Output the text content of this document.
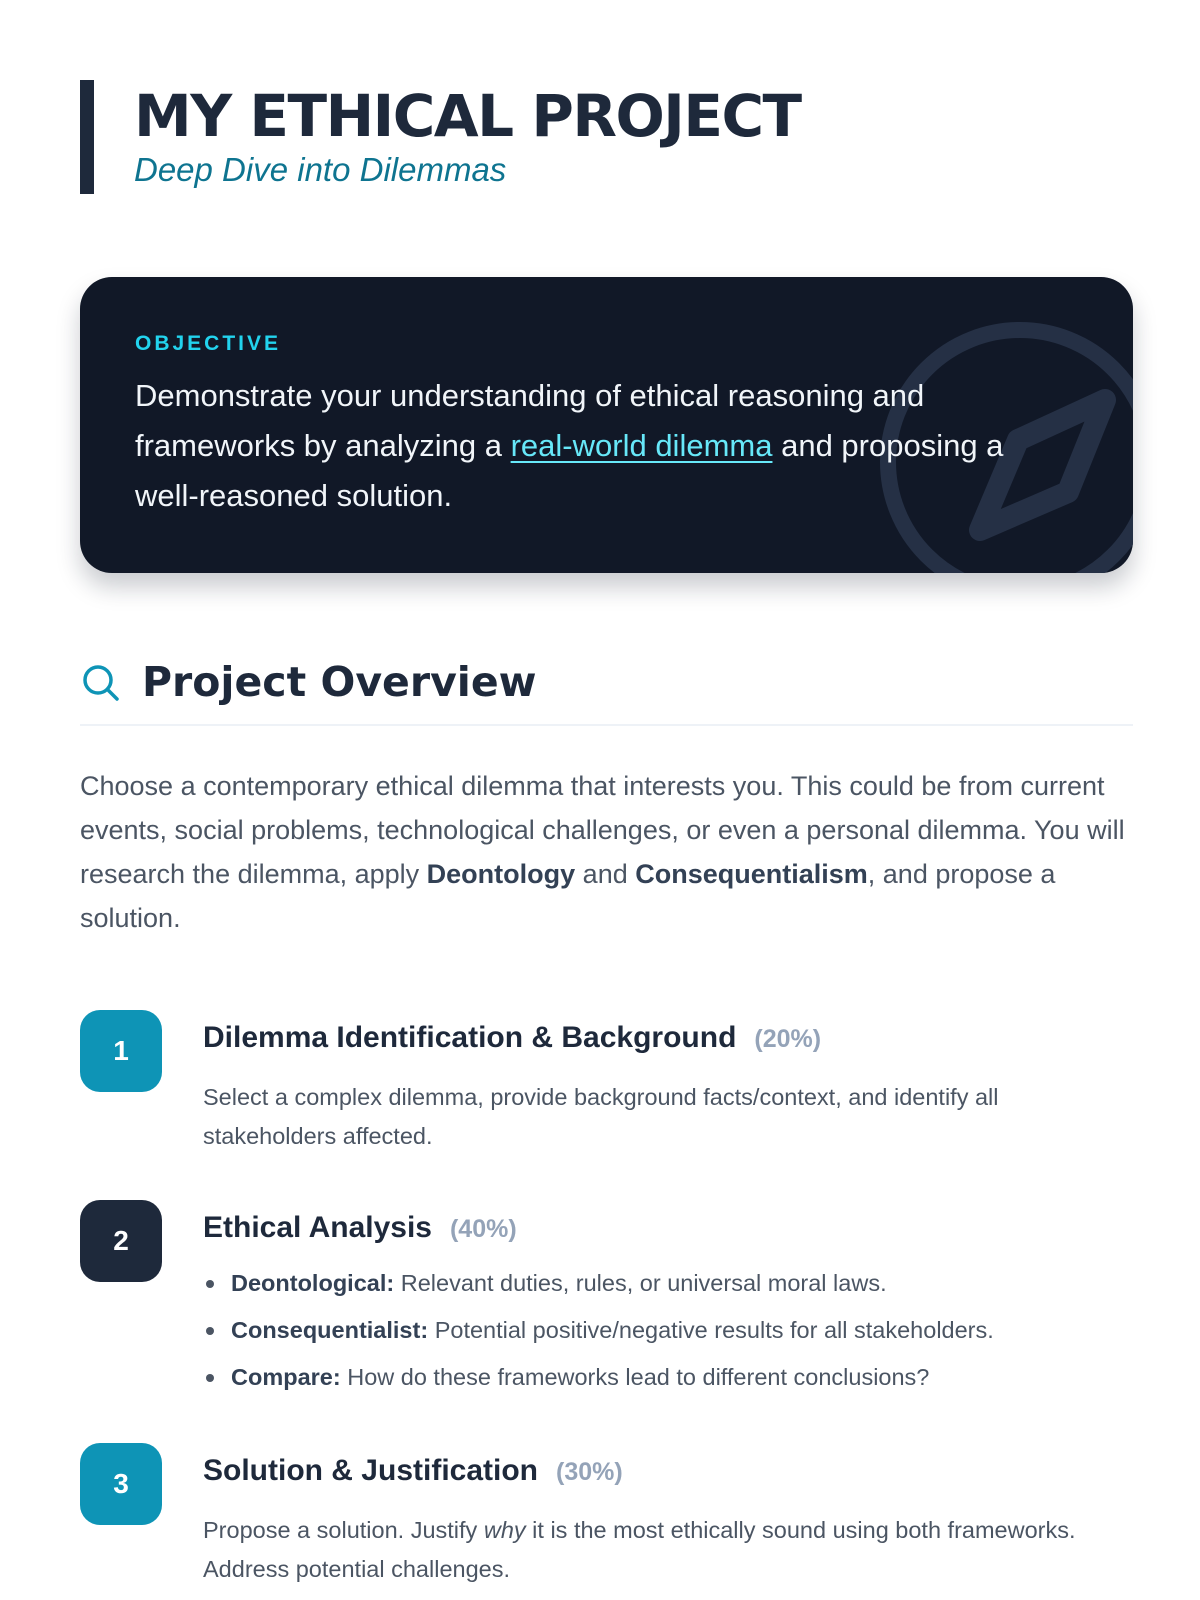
MY ETHICAL PROJECT
Deep Dive into Dilemmas
OBJECTIVE

Demonstrate your understanding of ethical reasoning and frameworks by analyzing a real-world dilemma and proposing a well-reasoned solution.

Project Overview

Choose a contemporary ethical dilemma that interests you. This could be from current events, social problems, technological challenges, or even a personal dilemma. You will research the dilemma, apply Deontology and Consequentialism, and propose a solution.

1	Dilemma Identification & Background (20%)

Select a complex dilemma, provide background facts/context, and identify all stakeholders affected.

2	Ethical Analysis (40%)
Deontological: Relevant duties, rules, or universal moral laws.
Consequentialist: Potential positive/negative results for all stakeholders.
Compare: How do these frameworks lead to different conclusions?
3	Solution & Justification (30%)

Propose a solution. Justify why it is the most ethically sound using both frameworks. Address potential challenges.
